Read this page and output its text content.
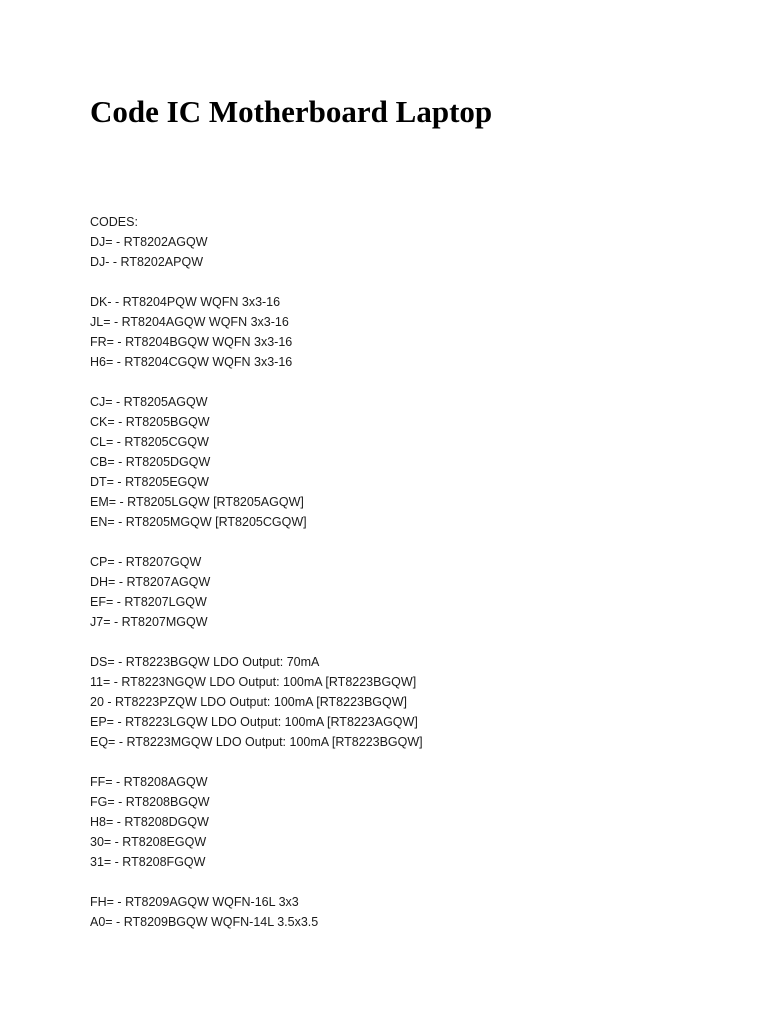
Code IC Motherboard Laptop
CODES:
DJ= - RT8202AGQW
DJ- - RT8202APQW
DK- - RT8204PQW WQFN 3x3-16
JL= - RT8204AGQW WQFN 3x3-16
FR= - RT8204BGQW WQFN 3x3-16
H6= - RT8204CGQW WQFN 3x3-16
CJ= - RT8205AGQW
CK= - RT8205BGQW
CL= - RT8205CGQW
CB= - RT8205DGQW
DT= - RT8205EGQW
EM= - RT8205LGQW [RT8205AGQW]
EN= - RT8205MGQW [RT8205CGQW]
CP= - RT8207GQW
DH= - RT8207AGQW
EF= - RT8207LGQW
J7= - RT8207MGQW
DS= - RT8223BGQW LDO Output: 70mA
11= - RT8223NGQW LDO Output: 100mA [RT8223BGQW]
20 - RT8223PZQW LDO Output: 100mA [RT8223BGQW]
EP= - RT8223LGQW LDO Output: 100mA [RT8223AGQW]
EQ= - RT8223MGQW LDO Output: 100mA [RT8223BGQW]
FF= - RT8208AGQW
FG= - RT8208BGQW
H8= - RT8208DGQW
30= - RT8208EGQW
31= - RT8208FGQW
FH= - RT8209AGQW WQFN-16L 3x3
A0= - RT8209BGQW WQFN-14L 3.5x3.5
